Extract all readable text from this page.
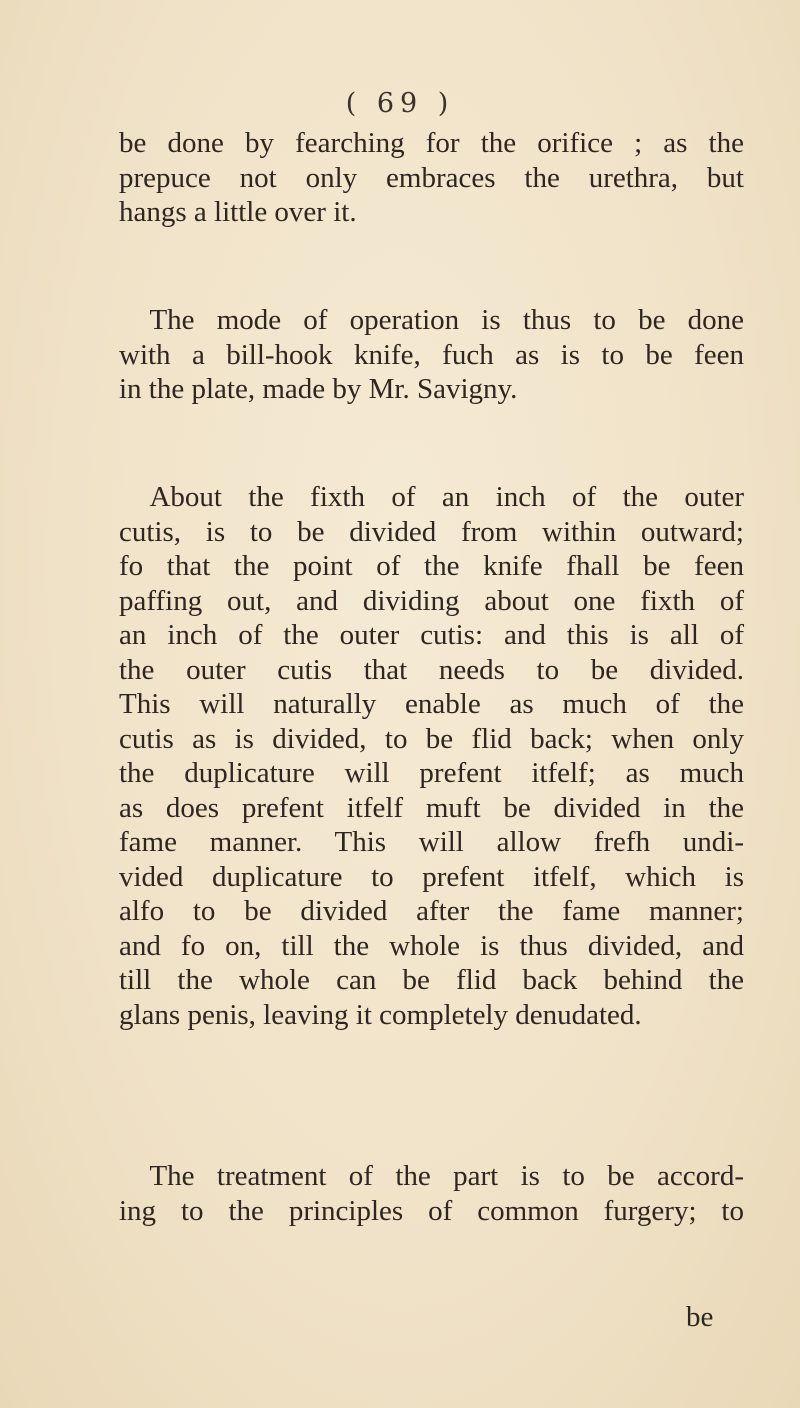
( 69 )
be done by fearching for the orifice ; as the
prepuce not only embraces the urethra, but
hangs a little over it.
The mode of operation is thus to be done
with a bill-hook knife, fuch as is to be feen
in the plate, made by Mr. Savigny.
About the fixth of an inch of the outer
cutis, is to be divided from within outward;
fo that the point of the knife fhall be feen
paffing out, and dividing about one fixth of
an inch of the outer cutis: and this is all of
the outer cutis that needs to be divided.
This will naturally enable as much of the
cutis as is divided, to be flid back; when only
the duplicature will prefent itfelf; as much
as does prefent itfelf muft be divided in the
fame manner. This will allow frefh undi-
vided duplicature to prefent itfelf, which is
alfo to be divided after the fame manner;
and fo on, till the whole is thus divided, and
till the whole can be flid back behind the
glans penis, leaving it completely denudated.
The treatment of the part is to be accord-
ing to the principles of common furgery; to
be
